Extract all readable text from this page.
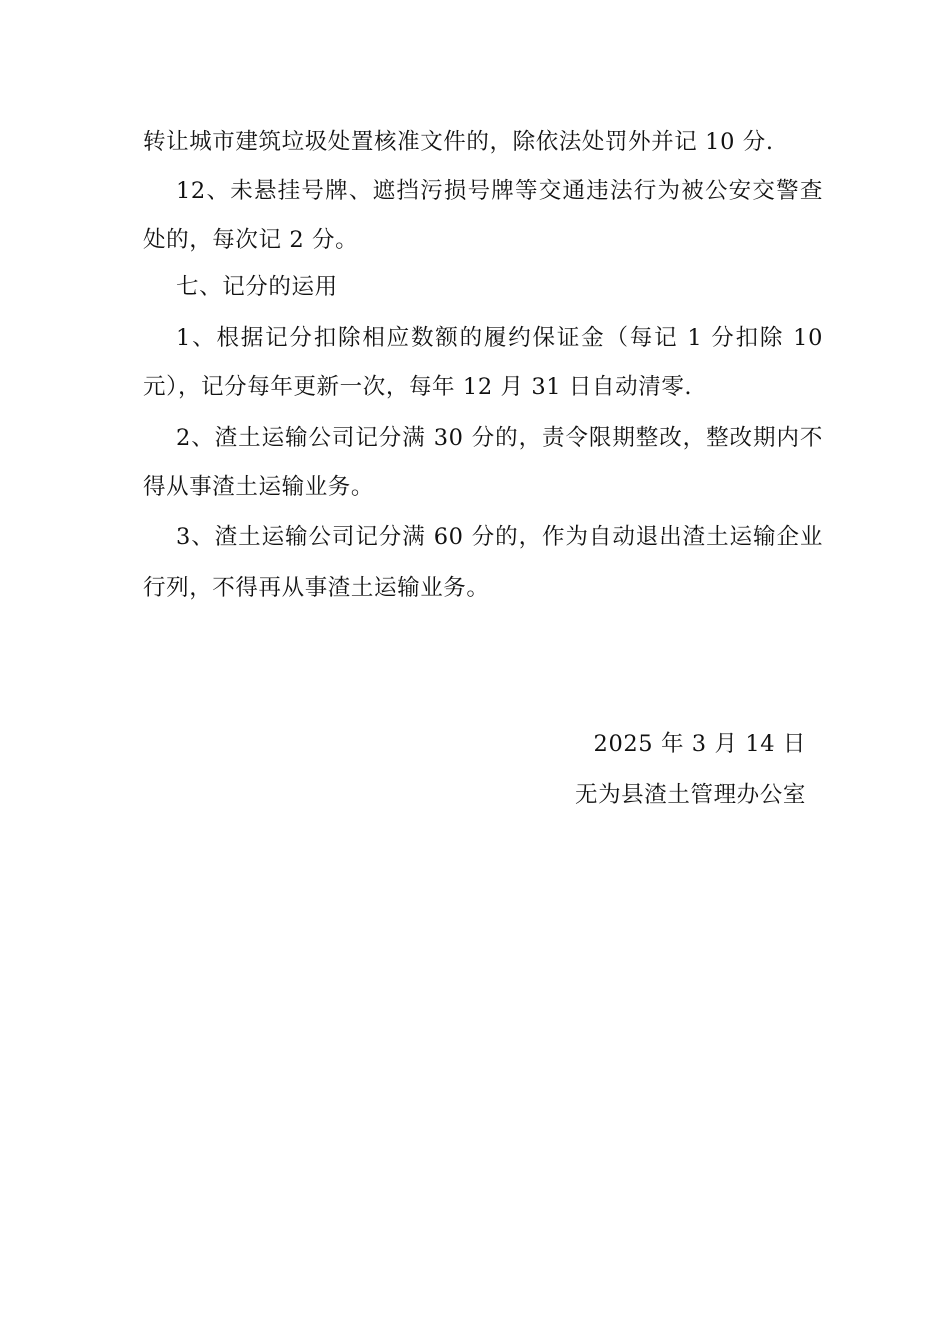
转让城市建筑垃圾处置核准文件的，除依法处罚外并记 10 分.
12、未悬挂号牌、遮挡污损号牌等交通违法行为被公安交警查
处的，每次记 2 分。
七、记分的运用
1、根据记分扣除相应数额的履约保证金（每记 1 分扣除 10
元），记分每年更新一次，每年 12 月 31 日自动清零.
2、渣土运输公司记分满 30 分的，责令限期整改，整改期内不
得从事渣土运输业务。
3、渣土运输公司记分满 60 分的，作为自动退出渣土运输企业
行列，不得再从事渣土运输业务。
2025 年 3 月 14 日
无为县渣土管理办公室
